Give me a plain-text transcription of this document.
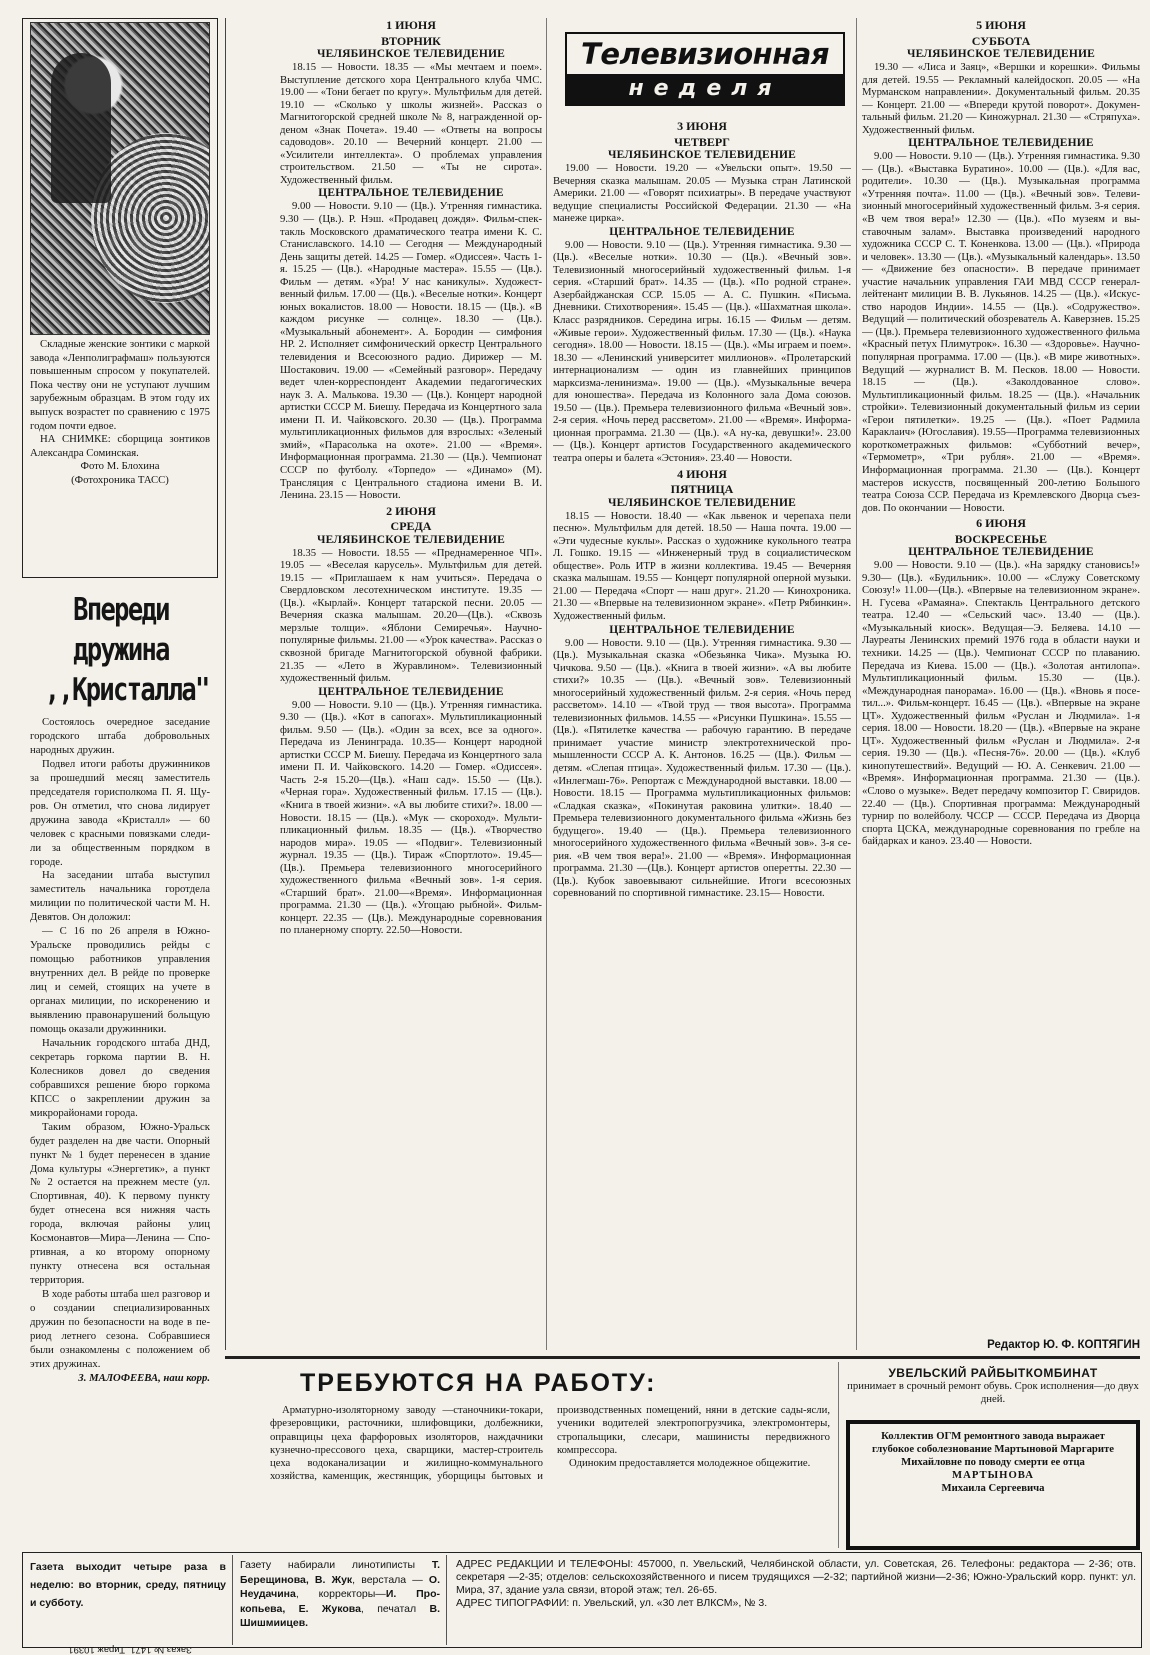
Складные женские зонтики с маркой завода «Ленполиграфмаш» пользуются повышенным спросом у покупателей. Пока честву они не уступают лучшим зарубежным образцам. В этом году их выпуск возрастет по сравнению с 1975 годом почти едвое.

НА СНИМКЕ: сборщица зонтиков Александра Соминская.

Фото М. Блохина

(Фотохроника ТАСС)

Впереди
дружина
,,Кристалла"

Состоялось очередное заседание городского штаба добровольных народных дружин.

Подвел итоги работы дружинников за прошедший месяц заместитель председателя горисполкома П. Я. Щуров. Он отметил, что снова лидирует дружина завода «Кристалл» — 60 человек с красными повязками следили за общественным порядком в городе.

На заседании штаба выступил заместитель начальника горотдела милиции по политической части М. Н. Девятов. Он доложил:

— С 16 по 26 апреля в Южно-Уральске проводились рейды с помощью работников управления внутренних дел. В рейде по проверке лиц и семей, стоящих на учете в органах милиции, по искоренению и выявлению правонарушений больщую помощь оказали дружинники.

Начальник городского штаба ДНД, секретарь горкома партии В. Н. Колесников довел до сведения собравшихся решение бюро горкома КПСС о закреплении дружин за микрорайонами города.

Таким образом, Южно-Уральск будет разделен на две части. Опорный пункт № 1 будет перенесен в здание Дома культуры «Энергетик», а пункт № 2 остается на прежнем месте (ул. Спортивная, 40). К первому пункту будет отнесена вся нижняя часть города, включая районы улиц Космонавтов—Мира—Ленина — Спортивная, а ко второму опорному пункту отнесена вся остальная территория.

В ходе работы штаба шел разговор и о создании специализированных дружин по безопасности на воде в период летнего сезона. Собравшиеся были ознакомлены с положением об этих дружинах.

З. МАЛОФЕЕВА, наш корр.

1 ИЮНЯ
ВТОРНИК
ЧЕЛЯБИНСКОЕ ТЕЛЕВИДЕНИЕ

18.15 — Новости. 18.35 — «Мы мечтаем и поем». Выступление детского хора Центрального клуба ЧМС. 19.00 — «Тони бегает по кругу». Мультфильм для детей. 19.10 — «Сколько у школы жизней». Рассказ о Магнитогорской средней школе № 8, награжденной орденом «Знак Почета». 19.40 — «Ответы на вопросы садоводов». 20.10 — Вечерний концерт. 21.00 — «Усилители интеллекта». О проблемах управления строительством. 21.50 — «Ты не сирота». Художественный фильм.

ЦЕНТРАЛЬНОЕ ТЕЛЕВИДЕНИЕ

9.00 — Новости. 9.10 — (Цв.). Утренняя гимнастика. 9.30 — (Цв.). Р. Нэш. «Продавец дождя». Фильм-спектакль Московского драматического театра имени К. С. Станиславского. 14.10 — Сегодня — Международный День защиты детей. 14.25 — Гомер. «Одиссея». Часть 1-я. 15.25 — (Цв.). «Народные мастера». 15.55 — (Цв.). Фильм — детям. «Ура! У нас каникулы». Художественный фильм. 17.00 — (Цв.). «Веселые нотки». Концерт юных вокалистов. 18.00 — Новости. 18.15 — (Цв.). «В каждом рисунке — солнце». 18.30 — (Цв.). «Музыкальный абонемент». А. Бородин — симфония НР. 2. Исполняет симфонический оркестр Центрального телевидения и Всесоюзного радио. Дирижер — М. Шостакович. 19.00 — «Семейный разговор». Передачу ведет член-корреспондент Академии педагогических наук З. А. Малькова. 19.30 — (Цв.). Концерт народной артистки СССР М. Биешу. Передача из Концертного зала имени П. И. Чайковского. 20.30 — (Цв.). Программа мультипликационных фильмов для взрослых: «Зеленый змий», «Парасолька на охоте». 21.00 — «Время». Информационная программа. 21.30 — (Цв.). Чемпионат СССР по футболу. «Торпедо» — «Динамо» (М). Трансляция с Центрального стадиона имени В. И. Ленина. 23.15 — Новости.

2 ИЮНЯ
СРЕДА
ЧЕЛЯБИНСКОЕ ТЕЛЕВИДЕНИЕ

18.35 — Новости. 18.55 — «Преднамеренное ЧП». 19.05 — «Веселая карусель». Мультфильм для детей. 19.15 — «Приглашаем к нам учиться». Передача о Свердловском лесотехническом институте. 19.35 — (Цв.). «Кырлай». Концерт татарской песни. 20.05 — Вечерняя сказка малышам. 20.20—(Цв.). «Сквозь мерзлые толщи». «Яблони Семиречья». Научно-популярные фильмы. 21.00 — «Урок качества». Рассказ о сквозной бригаде Магнитогорской обувной фабрики. 21.35 — «Лето в Журавлином». Телевизионный художественный фильм.

ЦЕНТРАЛЬНОЕ ТЕЛЕВИДЕНИЕ

9.00 — Новости. 9.10 — (Цв.). Утренняя гимнастика. 9.30 — (Цв.). «Кот в сапогах». Мультипликационный фильм. 9.50 — (Цв.). «Один за всех, все за одного». Передача из Ленинграда. 10.35— Концерт народной артистки СССР М. Биешу. Передача из Концертного зала имени П. И. Чайковского. 14.20 — Гомер. «Одиссея». Часть 2-я 15.20—(Цв.). «Наш сад». 15.50 — (Цв.). «Черная гора». Художественный фильм. 17.15 — (Цв.). «Книга в твоей жизни». «А вы любите стихи?». 18.00 — Новости. 18.15 — (Цв.). «Мук — скороход». Мультипликационный фильм. 18.35 — (Цв.). «Творчество народов мира». 19.05 — «Подвиг». Телевизионный журнал. 19.35 — (Цв.). Тираж «Спортлото». 19.45— (Цв.). Премьера телевизионного многосерийного художественного фильма «Вечный зов». 1-я серия. «Старший брат». 21.00—«Время». Информационная программа. 21.30 — (Цв.). «Угощаю рыбной». Фильм-концерт. 22.35 — (Цв.). Международные соревнования по планерному спорту. 22.50—Новости.

Телевизионная
неделя
3 ИЮНЯ
ЧЕТВЕРГ
ЧЕЛЯБИНСКОЕ ТЕЛЕВИДЕНИЕ

19.00 — Новости. 19.20 — «Увельски опыт». 19.50 — Вечерняя сказка малышам. 20.05 — Музыка стран Латинской Америки. 21.00 — «Говорят психиатры». В передаче участвуют ведущие специалисты Российской Федерации. 21.30 — «На манеже цирка».

ЦЕНТРАЛЬНОЕ ТЕЛЕВИДЕНИЕ

9.00 — Новости. 9.10 — (Цв.). Утренняя гимнастика. 9.30 — (Цв.). «Веселые нотки». 10.30 — (Цв.). «Вечный зов». Телевизионный многосерийный художественный фильм. 1-я серия. «Старший брат». 14.35 — (Цв.). «По родной стране». Азербайджанская ССР. 15.05 — А. С. Пушкин. «Письма. Дневники. Стихотворения». 15.45 — (Цв.). «Шахматная школа». Класс разрядников. Середина игры. 16.15 — Фильм — детям. «Живые герои». Художественный фильм. 17.30 — (Цв.). «Наука сегодня». 18.00 — Новости. 18.15 — (Цв.). «Мы играем и поем». 18.30 — «Ленинский университет миллионов». «Пролетарский интернационализм — один из главнейших принципов марксизма-ленинизма». 19.00 — (Цв.). «Музыкальные вечера для юношества». Передача из Колонного зала Дома союзов. 19.50 — (Цв.). Премьера телевизионного фильма «Вечный зов». 2-я серия. «Ночь перед рассветом». 21.00 — «Время». Информационная программа. 21.30 — (Цв.). «А ну-ка, девушки!». 23.00 — (Цв.). Концерт артистов Государственного академического театра оперы и балета «Эстония». 23.40 — Новости.

4 ИЮНЯ
ПЯТНИЦА
ЧЕЛЯБИНСКОЕ ТЕЛЕВИДЕНИЕ

18.15 — Новости. 18.40 — «Как львенок и черепаха пели песню». Мультфильм для детей. 18.50 — Наша почта. 19.00 — «Эти чудесные куклы». Рассказ о художнике кукольного театра Л. Гошко. 19.15 — «Инженерный труд в социалистическом обществе». Роль ИТР в жизни коллектива. 19.45 — Вечерняя сказка малышам. 19.55 — Концерт популярной оперной музыки. 21.00 — Передача «Спорт — наш друг». 21.20 — Кинохроника. 21.30 — «Впервые на телевизионном экране». «Петр Рябинкин». Художественный фильм.

ЦЕНТРАЛЬНОЕ ТЕЛЕВИДЕНИЕ

9.00 — Новости. 9.10 — (Цв.). Утренняя гимнастика. 9.30 — (Цв.). Музыкальная сказка «Обезьянка Чика». Музыка Ю. Чичкова. 9.50 — (Цв.). «Книга в твоей жизни». «А вы любите стихи?» 10.35 — (Цв.). «Вечный зов». Телевизионный многосерийный художественный фильм. 2-я серия. «Ночь перед рассветом». 14.10 — «Твой труд — твоя высота». Программа телевизионных фильмов. 14.55 — «Рисунки Пушкина». 15.55 — (Цв.). «Пятилетке качества — рабочую гарантию. В передаче принимает участие министр электротехнической промышленности СССР А. К. Антонов. 16.25 — (Цв.). Фильм — детям. «Слепая птица». Художественный фильм. 17.30 — (Цв.). «Инлегмаш-76». Репортаж с Международной выставки. 18.00 — Новости. 18.15 — Программа мультипликационных фильмов: «Сладкая сказка», «Покинутая раковина улитки». 18.40 — Премьера телевизионного документального фильма «Жизнь без будущего». 19.40 — (Цв.). Премьера телевизионного многосерийного художественного фильма «Вечный зов». 3-я серия. «В чем твоя вера!». 21.00 — «Время». Информационная программа. 21.30 —(Цв.). Концерт артистов оперетты. 22.30 — (Цв.). Кубок завоевывают сильнейшие. Итоги всесоюзных соревнований по спортивной гимнастике. 23.15— Новости.

5 ИЮНЯ
СУББОТА
ЧЕЛЯБИНСКОЕ ТЕЛЕВИДЕНИЕ

19.30 — «Лиса и Заяц», «Вершки и корешки». Фильмы для детей. 19.55 — Рекламный калейдоскоп. 20.05 — «На Мурманском направлении». Документальный фильм. 20.35 — Концерт. 21.00 — «Впереди крутой поворот». Документальный фильм. 21.20 — Киножурнал. 21.30 — «Стряпуха». Художественный фильм.

ЦЕНТРАЛЬНОЕ ТЕЛЕВИДЕНИЕ

9.00 — Новости. 9.10 — (Цв.). Утренняя гимнастика. 9.30 — (Цв.). «Выставка Буратино». 10.00 — (Цв.). «Для вас, родители». 10.30 — (Цв.). Музыкальная программа «Утренняя почта». 11.00 — (Цв.). «Вечный зов». Телевизионный многосерийный художественный фильм. 3-я серия. «В чем твоя вера!» 12.30 — (Цв.). «По музеям и выставочным залам». Выставка произведений народного художника СССР С. Т. Коненкова. 13.00 — (Цв.). «Природа и человек». 13.30 — (Цв.). «Музыкальный календарь». 13.50 — «Движение без опасности». В передаче принимает участие начальник управления ГАИ МВД СССР генерал-лейтенант милиции В. В. Лукьянов. 14.25 — (Цв.). «Искусство народов Индии». 14.55 — (Цв.). «Содружество». Ведущий — политический обозреватель А. Каверзнев. 15.25 — (Цв.). Премьера телевизионного художественного фильма «Красный петух Плимутрок». 16.30 — «Здоровье». Научно-популярная программа. 17.00 — (Цв.). «В мире животных». Ведущий — журналист В. М. Песков. 18.00 — Новости. 18.15 — (Цв.). «Заколдованное слово». Мультипликационный фильм. 18.25 — (Цв.). «Начальник стройки». Телевизионный документальный фильм из серии «Герои пятилетки». 19.25 — (Цв.). «Поет Радмила Караклаич» (Югославия). 19.55—Программа телевизионных короткометражных фильмов: «Субботний вечер», «Термометр», «Три рубля». 21.00 — «Время». Информационная программа. 21.30 — (Цв.). Концерт мастеров искусств, посвященный 200-летию Большого театра Союза ССР. Передача из Кремлевского Дворца съездов. По окончании — Новости.

6 ИЮНЯ
ВОСКРЕСЕНЬЕ
ЦЕНТРАЛЬНОЕ ТЕЛЕВИДЕНИЕ

9.00 — Новости. 9.10 — (Цв.). «На зарядку становись!» 9.30— (Цв.). «Будильник». 10.00 — «Служу Советскому Союзу!» 11.00—(Цв.). «Впервые на телевизионном экране». Н. Гусева «Рамаяна». Спектакль Центрального детского театра. 12.40 — «Сельский час». 13.40 — (Цв.). «Музыкальный киоск». Ведущая—Э. Беляева. 14.10 — Лауреаты Ленинских премий 1976 года в области науки и техники. 14.25 — (Цв.). Чемпионат СССР по плаванию. Передача из Киева. 15.00 — (Цв.). «Золотая антилопа». Мультипликационный фильм. 15.30 — (Цв.). «Международная панорама». 16.00 — (Цв.). «Вновь я посетил...». Фильм-концерт. 16.45 — (Цв.). «Впервые на экране ЦТ». Художественный фильм «Руслан и Людмила». 1-я серия. 18.00 — Новости. 18.20 — (Цв.). «Впервые на экране ЦТ». Художественный фильм «Руслан и Людмила». 2-я серия. 19.30 — (Цв.). «Песня-76». 20.00 — (Цв.). «Клуб кинопутешествий». Ведущий — Ю. А. Сенкевич. 21.00 — «Время». Информационная программа. 21.30 — (Цв.). «Слово о музыке». Ведет передачу композитор Г. Свиридов. 22.40 — (Цв.). Спортивная программа: Международный турнир по волейболу. ЧССР — СССР. Передача из Дворца спорта ЦСКА, международные соревнования по гребле на байдарках и каноэ. 23.40 — Новости.

Редактор Ю. Ф. КОПТЯГИН
ТРЕБУЮТСЯ НА РАБОТУ:

Арматурно-изоляторному заводу —станочники-токари, фрезеровщики, расточники, шлифовщики, долбежники, оправщицы цеха фарфоровых изоляторов, наждачники кузнечно-прессового цеха, сварщики, мастер-строитель цеха водоканализации и жилищно-коммунального хозяйства, каменщик, жестянщик, уборщицы бытовых и производственных помещений, няни в детские сады-ясли, ученики водителей электропогрузчика, электромонтеры, стропальщики, слесари, машинисты передвижного компрессора.

Одиноким предоставляется молодежное общежитие.

УВЕЛЬСКИЙ РАЙБЫТКОМБИНАТ
принимает в срочный ремонт обувь. Срок исполнения—до двух дней.
Коллектив ОГМ ремонтного завода выражает глубокое соболезнование Мартыновой Маргарите Михайловне по поводу смерти ее отца
МАРТЫНОВА
Михаила Сергеевича
Газета выходит четыре раза в неделю: во вторник, среду, пятницу и субботу.
Газету набирали линотиписты Т. Берещинова, В. Жук, верстала — О. Неудачина, корректоры—И. Прокопьева, Е. Жукова, печатал В. Шишмиицев.
АДРЕС РЕДАКЦИИ И ТЕЛЕФОНЫ: 457000, п. Увельский, Челябинской области, ул. Советская, 26. Телефоны: редактора — 2-36; отв. секретаря —2-35; отделов: сельскохозяйственного и писем трудящихся —2-32; партийной жизни—2-36; Южно-Уральский корр. пункт: ул. Мира, 37, здание узла связи, второй этаж; тел. 26-65.
АДРЕС ТИПОГРАФИИ: п. Увельский, ул. «30 лет ВЛКСМ», № 3.
Заказ № 1471. Тираж 10391
